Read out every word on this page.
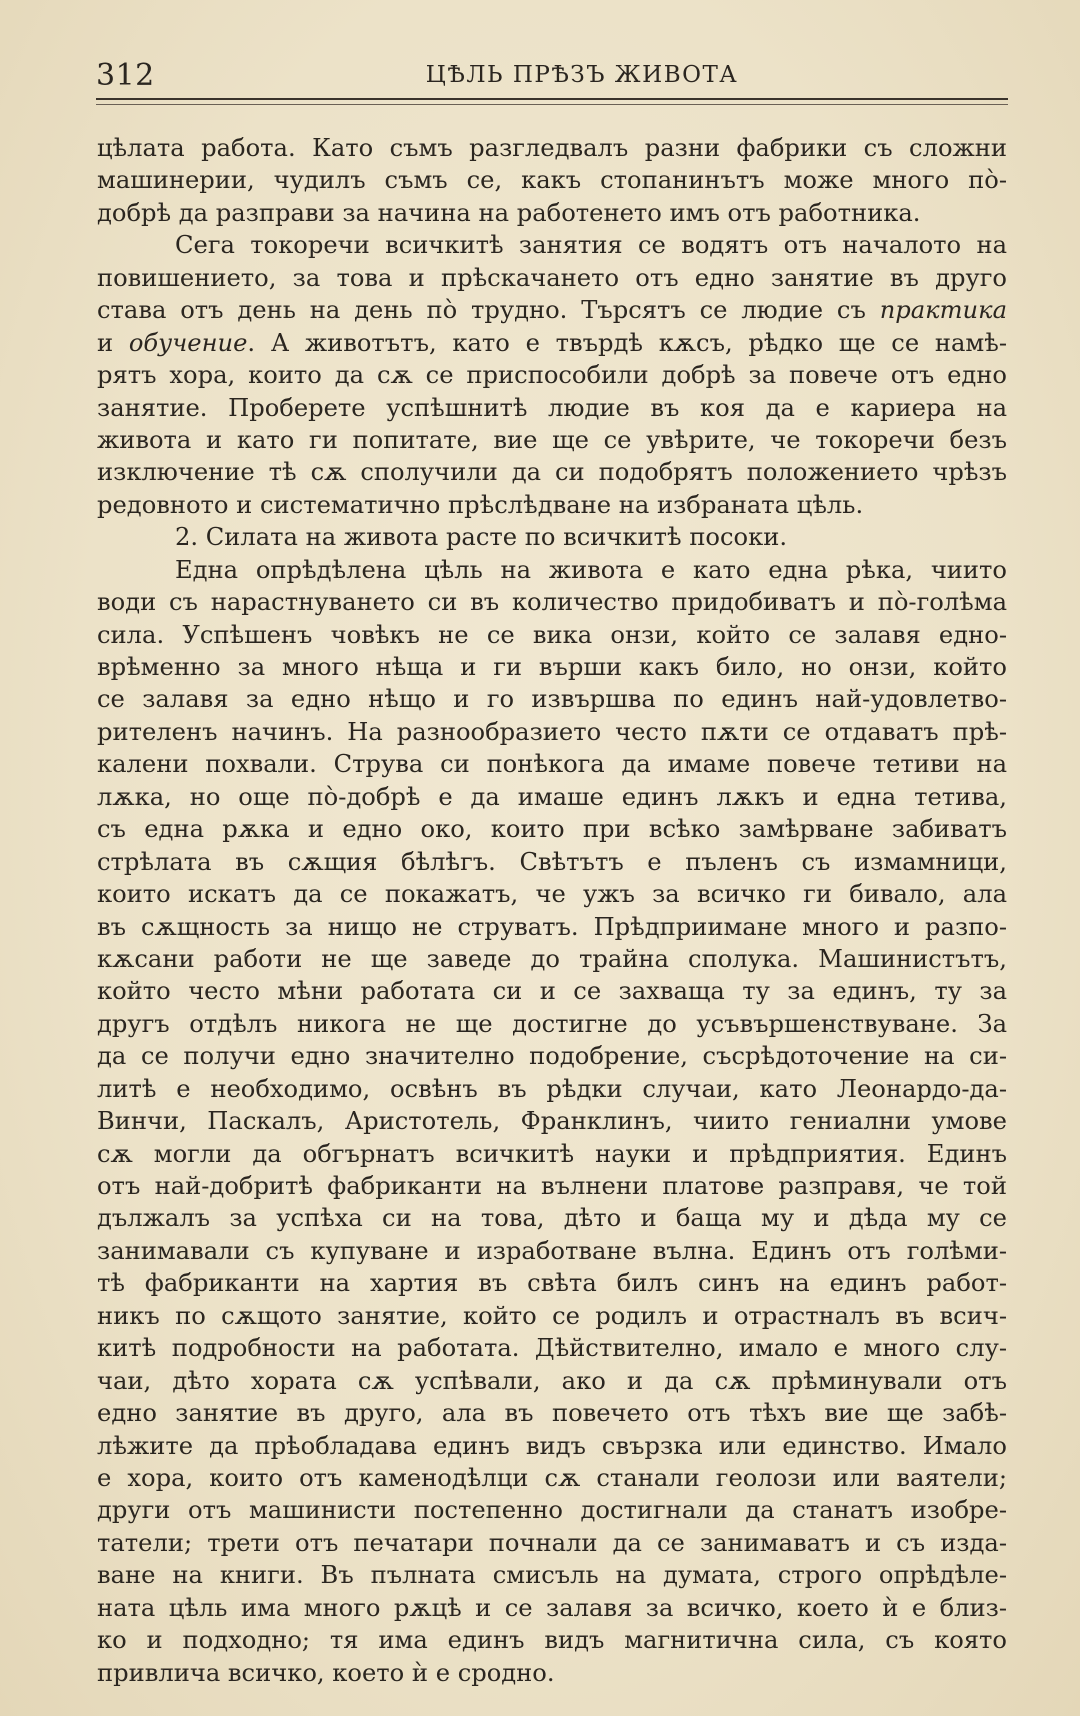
312	ЦѢЛЬ ПРѢЗЪ ЖИВОТА
цѣлата работа. Като съмъ разгледвалъ разни фабрики съ сложни
машинерии, чудилъ съмъ се, какъ стопанинътъ може много пò-
добрѣ да разправи за начина на работенето имъ отъ работника.
Сега токоречи всичкитѣ занятия се водятъ отъ началото на
повишението, за това и прѣскачането отъ едно занятие въ друго
става отъ день на день пò трудно. Търсятъ се людие съ практика
и обучение. А животътъ, като е твърдѣ кѫсъ, рѣдко ще се намѣ-
рятъ хора, които да сѫ се приспособили добрѣ за повече отъ едно
занятие. Проберете успѣшнитѣ людие въ коя да е кариера на
живота и като ги попитате, вие ще се увѣрите, че токоречи безъ
изключение тѣ сѫ сполучили да си подобрятъ положението чрѣзъ
редовното и систематично прѣслѣдване на избраната цѣль.
2. Силата на живота расте по всичкитѣ посоки.
Една опрѣдѣлена цѣль на живота е като една рѣка, чиито
води съ нарастнуването си въ количество придобиватъ и пò-голѣма
сила. Успѣшенъ човѣкъ не се вика онзи, който се залавя едно-
врѣменно за много нѣща и ги върши какъ било, но онзи, който
се залавя за едно нѣщо и го извършва по единъ най-удовлетво-
рителенъ начинъ. На разнообразието често пѫти се отдаватъ прѣ-
калени похвали. Струва си понѣкога да имаме повече тетиви на
лѫка, но още пò-добрѣ е да имаше единъ лѫкъ и една тетива,
съ една рѫка и едно око, които при всѣко замѣрване забиватъ
стрѣлата въ сѫщия бѣлѣгъ. Свѣтътъ е пъленъ съ измамници,
които искатъ да се покажатъ, че ужъ за всичко ги бивало, ала
въ сѫщность за нищо не струватъ. Прѣдприимане много и разпо-
кѫсани работи не ще заведе до трайна сполука. Машинистътъ,
който често мѣни работата си и се захваща ту за единъ, ту за
другъ отдѣлъ никога не ще достигне до усъвършенствуване. За
да се получи едно значително подобрение, съсрѣдоточение на си-
литѣ е необходимо, освѣнъ въ рѣдки случаи, като Леонардо-да-
Винчи, Паскалъ, Аристотель, Франклинъ, чиито гениални умове
сѫ могли да обгърнатъ всичкитѣ науки и прѣдприятия. Единъ
отъ най-добритѣ фабриканти на вълнени платове разправя, че той
дължалъ за успѣха си на това, дѣто и баща му и дѣда му се
занимавали съ купуване и изработване вълна. Единъ отъ голѣми-
тѣ фабриканти на хартия въ свѣта билъ синъ на единъ работ-
никъ по сѫщото занятие, който се родилъ и отрастналъ въ всич-
китѣ подробности на работата. Дѣйствително, имало е много слу-
чаи, дѣто хората сѫ успѣвали, ако и да сѫ прѣминували отъ
едно занятие въ друго, ала въ повечето отъ тѣхъ вие ще забѣ-
лѣжите да прѣобладава единъ видъ свързка или единство. Имало
е хора, които отъ каменодѣлци сѫ станали геолози или ваятели;
други отъ машинисти постепенно достигнали да станатъ изобре-
татели; трети отъ печатари почнали да се занимаватъ и съ изда-
ване на книги. Въ пълната смисъль на думата, строго опрѣдѣле-
ната цѣль има много рѫцѣ и се залавя за всичко, което ѝ е близ-
ко и подходно; тя има единъ видъ магнитична сила, съ която
привлича всичко, което ѝ е сродно.
